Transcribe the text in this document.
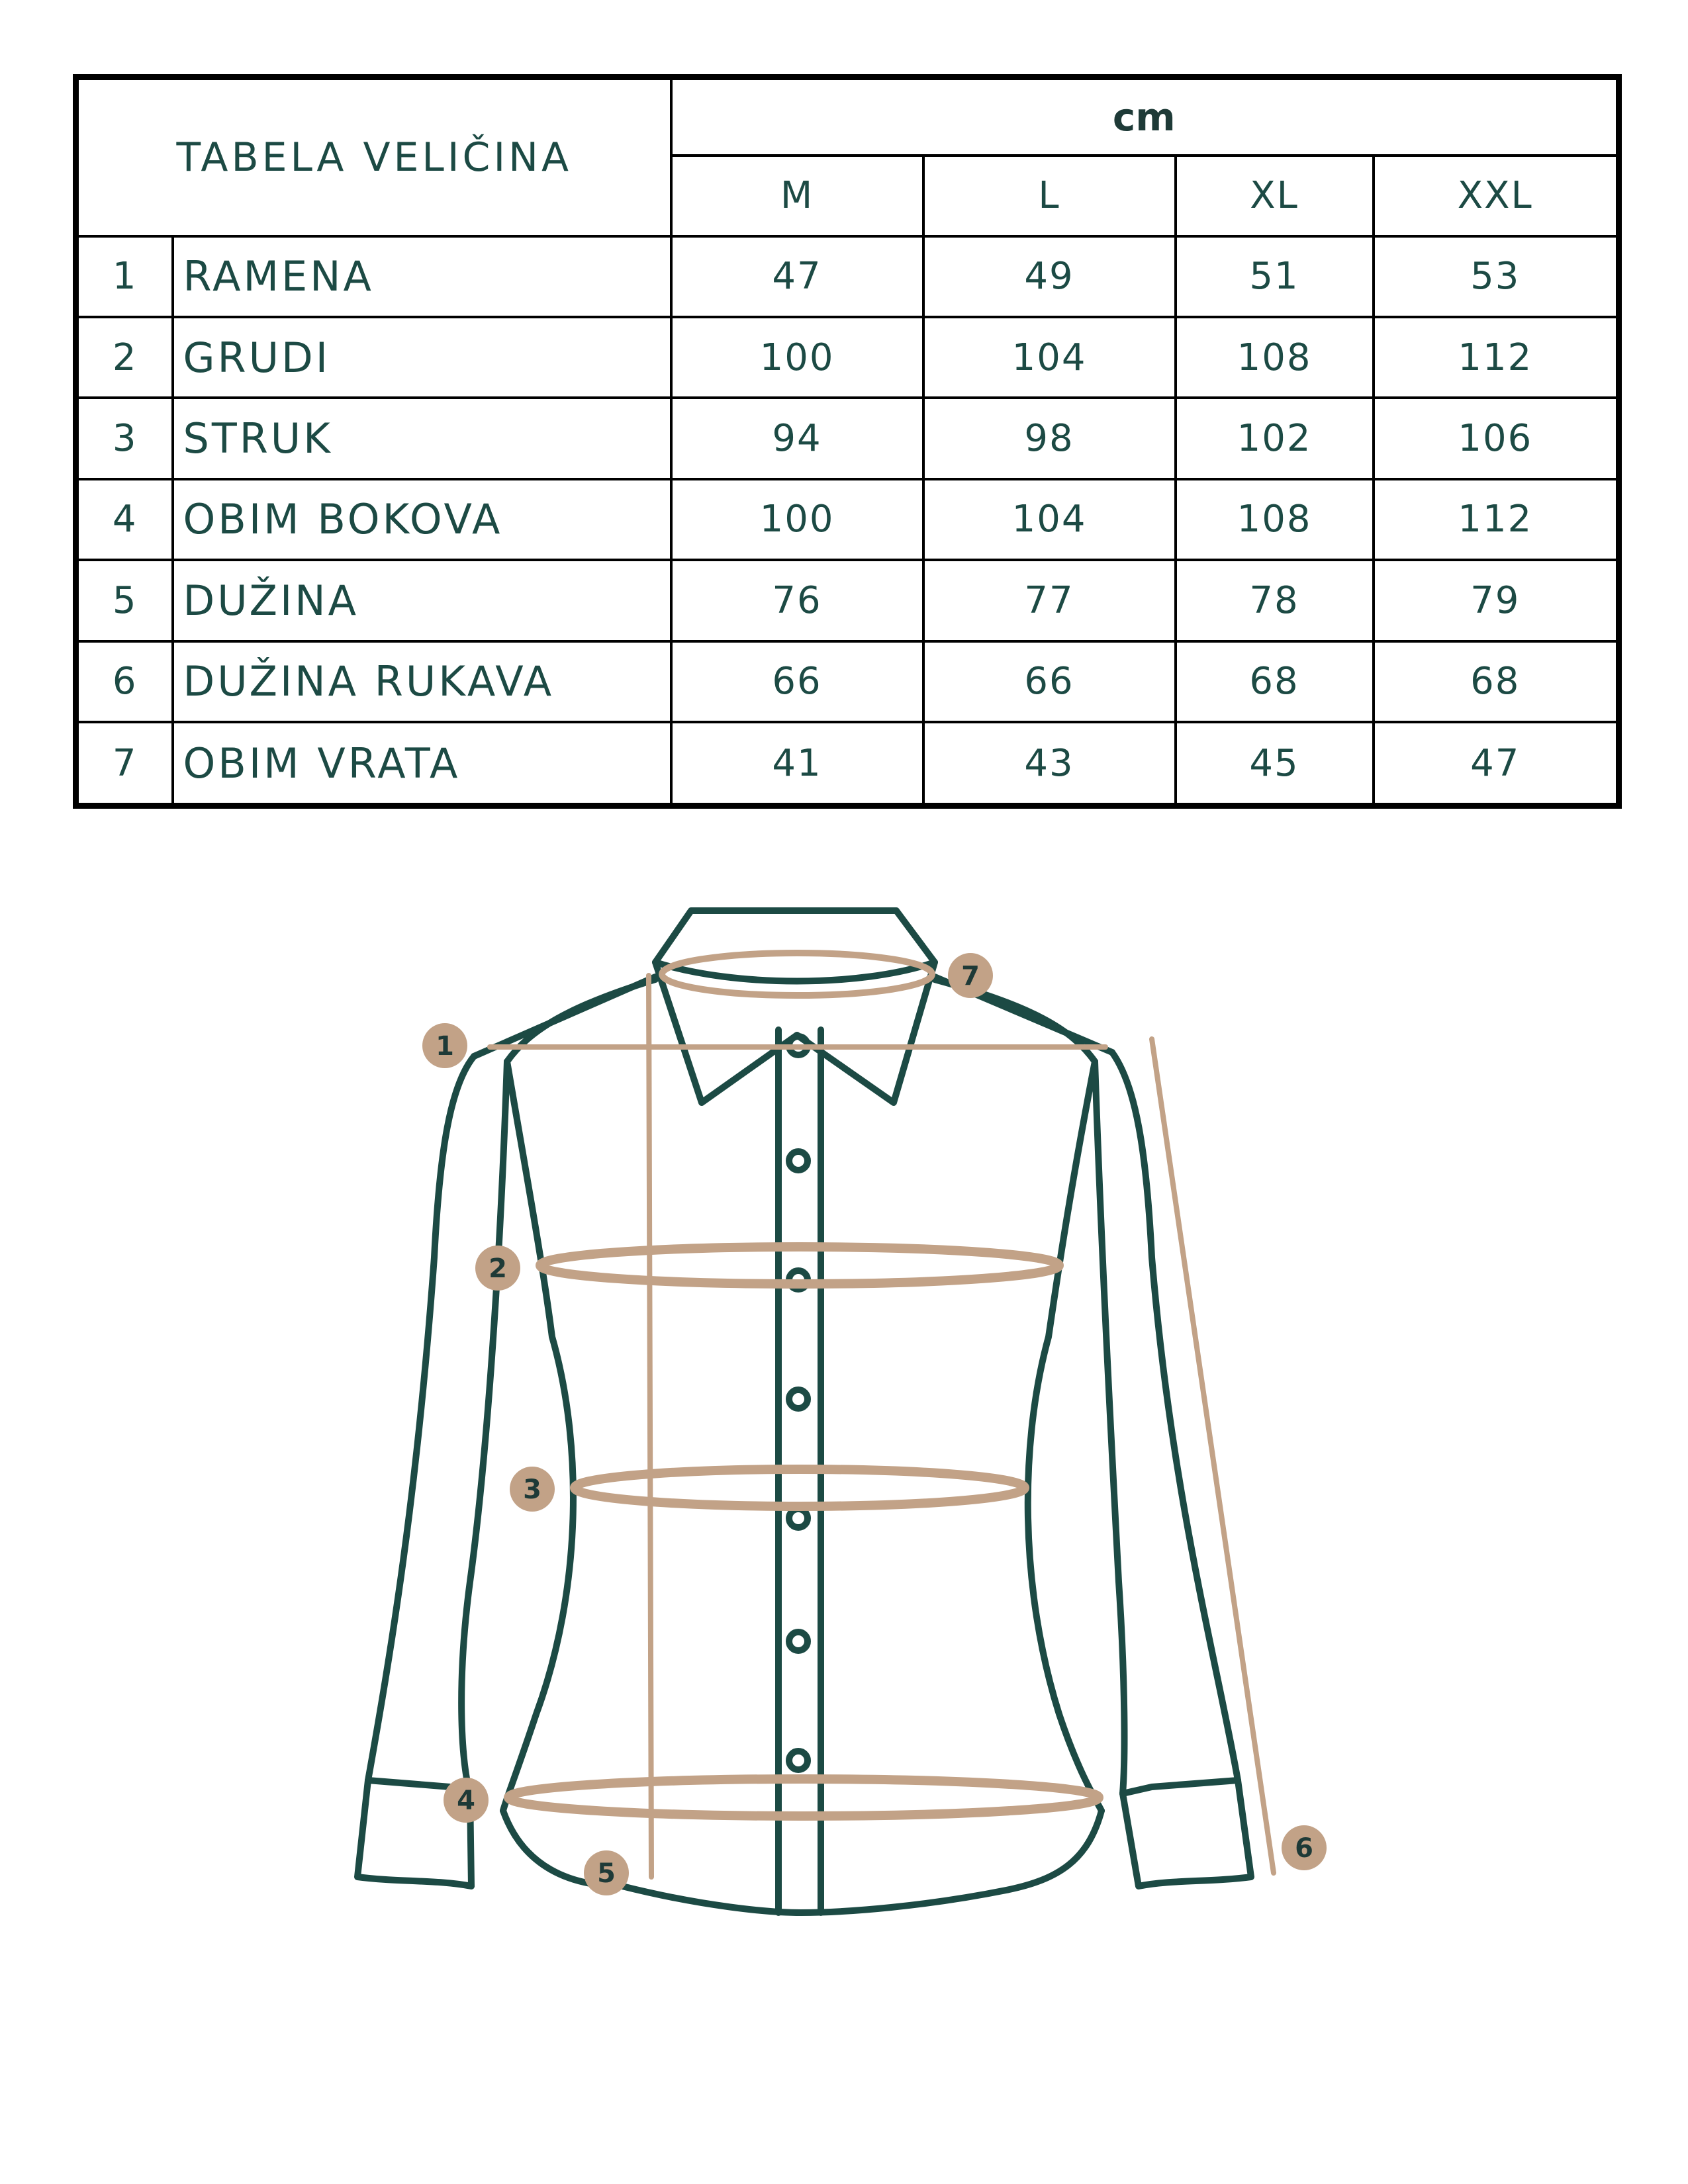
TABELA VELIČINA		cm			
		M	L	XL	XXL
1	RAMENA	47	49	51	53
2	GRUDI	100	104	108	112
3	STRUK	94	98	102	106
4	OBIM BOKOVA	100	104	108	112
5	DUŽINA	76	77	78	79
6	DUŽINA RUKAVA	66	66	68	68
7	OBIM VRATA	41	43	45	47
1
2
3
4
5
6
7
